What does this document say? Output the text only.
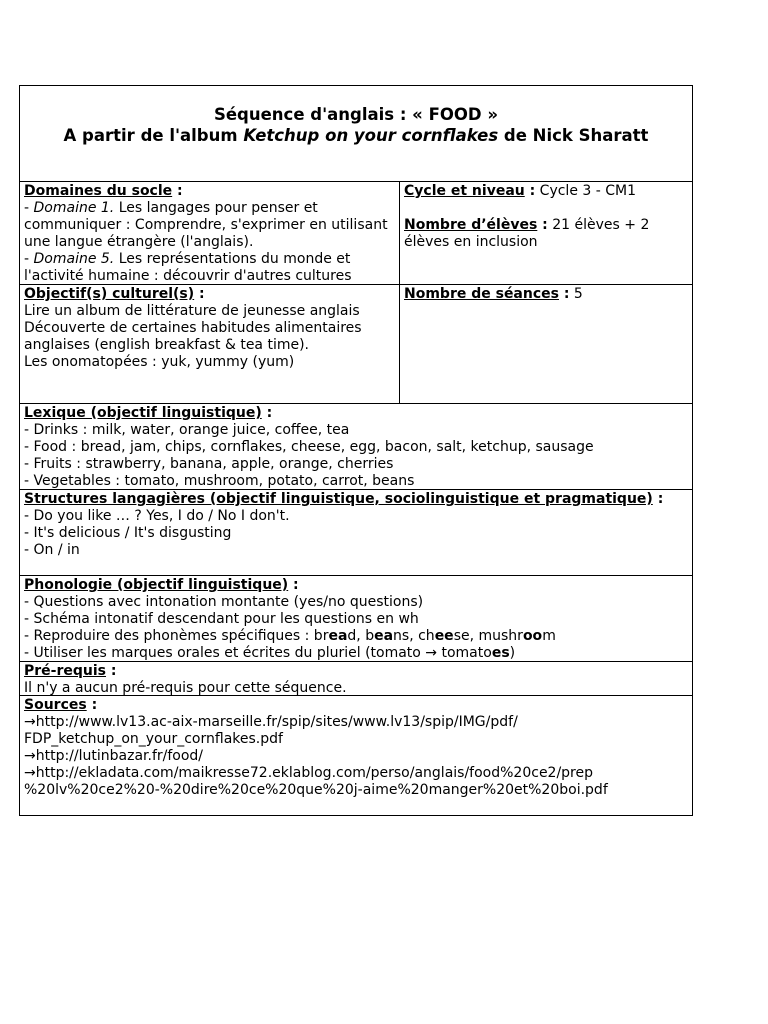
Séquence d'anglais : « FOOD »
A partir de l'album Ketchup on your cornflakes de Nick Sharatt
Domaines du socle :
- Domaine 1. Les langages pour penser et communiquer : Comprendre, s'exprimer en utilisant une langue étrangère (l'anglais).
- Domaine 5. Les représentations du monde et l'activité humaine : découvrir d'autres cultures
Cycle et niveau : Cycle 3 - CM1
Nombre d’élèves : 21 élèves + 2 élèves en inclusion
Objectif(s) culturel(s) :
Lire un album de littérature de jeunesse anglais
Découverte de certaines habitudes alimentaires anglaises (english breakfast & tea time).
Les onomatopées : yuk, yummy (yum)
Nombre de séances : 5
Lexique (objectif linguistique) :
- Drinks : milk, water, orange juice, coffee, tea
- Food : bread, jam, chips, cornflakes, cheese, egg, bacon, salt, ketchup, sausage
- Fruits : strawberry, banana, apple, orange, cherries
- Vegetables : tomato, mushroom, potato, carrot, beans
Structures langagières (objectif linguistique, sociolinguistique et pragmatique) :
- Do you like … ? Yes, I do / No I don't.
- It's delicious / It's disgusting
- On / in
Phonologie (objectif linguistique) :
- Questions avec intonation montante (yes/no questions)
- Schéma intonatif descendant pour les questions en wh
- Reproduire des phonèmes spécifiques : bread, beans, cheese, mushroom
- Utiliser les marques orales et écrites du pluriel (tomato → tomatoes)
Pré-requis :
Il n'y a aucun pré-requis pour cette séquence.
Sources :
→http://www.lv13.ac-aix-marseille.fr/spip/sites/www.lv13/spip/IMG/pdf/
FDP_ketchup_on_your_cornflakes.pdf
→http://lutinbazar.fr/food/
→http://ekladata.com/maikresse72.eklablog.com/perso/anglais/food%20ce2/prep
%20lv%20ce2%20-%20dire%20ce%20que%20j-aime%20manger%20et%20boi.pdf
